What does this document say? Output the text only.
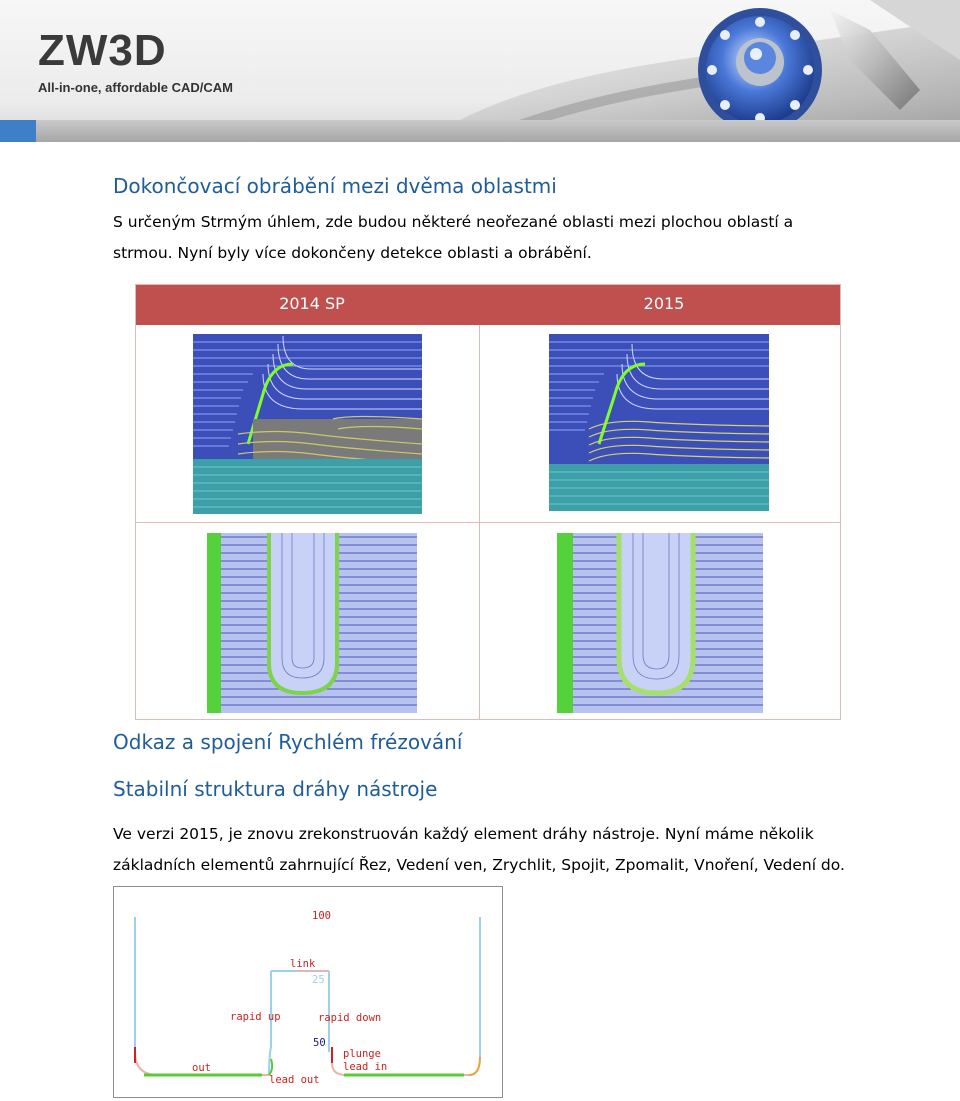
ZW3D
All-in-one, affordable CAD/CAM
Dokončovací obrábění mezi dvěma oblastmi
S určeným Strmým úhlem, zde budou některé neořezané oblasti mezi plochou oblastí a strmou. Nyní byly více dokončeny detekce oblasti a obrábění.
2014 SP	2015
Odkaz a spojení Rychlém frézování
Stabilní struktura dráhy nástroje
Ve verzi 2015, je znovu zrekonstruován každý element dráhy nástroje. Nyní máme několik základních elementů zahrnující Řez, Vedení ven, Zrychlit, Spojit, Zpomalit, Vnoření, Vedení do.
100
link
25
rapid up	rapid down
50
plunge
lead in
out
lead out
